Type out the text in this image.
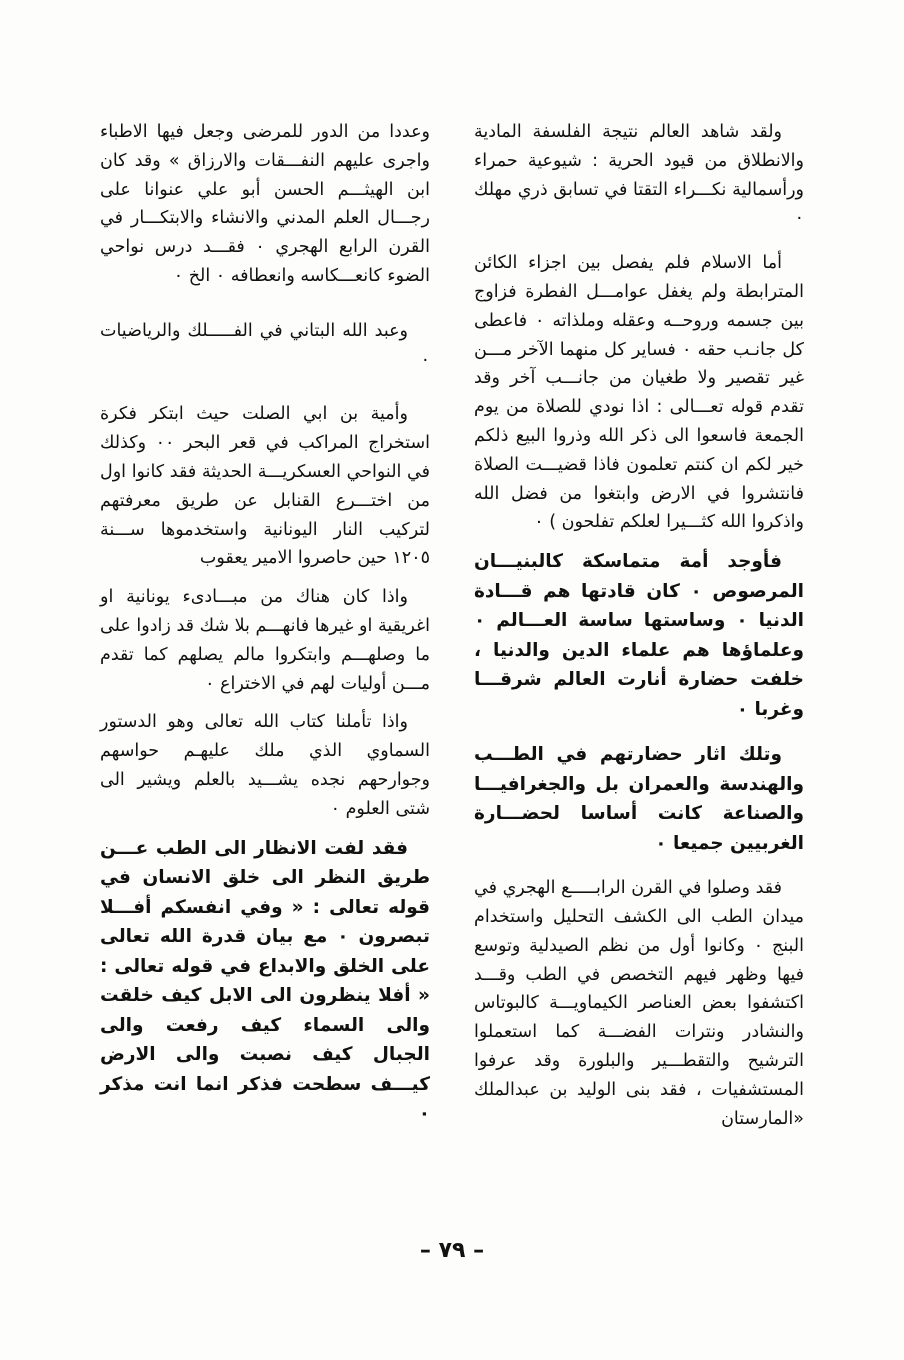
ولقد شاهد العالم نتيجة الفلسفة المادية والانطلاق من قيود الحرية : شيوعية حمراء ورأسمالية نكـــراء التقتا في تسابق ذري مهلك ٠

أما الاسلام فلم يفصل بين اجزاء الكائن المترابطة ولم يغفل عوامـــل الفطرة فزاوج بين جسمه وروحــه وعقله وملذاته ٠ فاعطى كل جانـب حقه ٠ فساير كل منهما الآخر مـــن غير تقصير ولا طغيان من جانـــب آخر وقد تقدم قوله تعـــالى : اذا نودي للصلاة من يوم الجمعة فاسعوا الى ذكر الله وذروا البيع ذلكم خير لكم ان كنتم تعلمون فاذا قضيـــت الصلاة فانتشروا في الارض وابتغوا من فضل الله واذكروا الله كثـــيرا لعلكم تفلحون ) ٠

فأوجد أمة متماسكة كالبنيـــان المرصوص ٠ كان قادتها هم قـــادة الدنيا ٠ وساستها ساسة العـــالم ٠ وعلماؤها هم علماء الدين والدنيا ، خلفت حضارة أنارت العالم شرقـــا وغربا ٠

وتلك اثار حضارتهم في الطـــب والهندسة والعمران بل والجغرافيـــا والصناعة كانت أساسا لحضـــارة الغربيين جميعا ٠

فقد وصلوا في القرن الرابـــــع الهجري في ميدان الطب الى الكشف التحليل واستخدام البنج ٠ وكانوا أول من نظم الصيدلية وتوسع فيها وظهر فيهم التخصص في الطب وقـــد اكتشفوا بعض العناصر الكيماويـــة كالبوتاس والنشادر ونترات الفضـــة كما استعملوا الترشيح والتقطـــير والبلورة وقد عرفوا المستشفيات ، فقد بنى الوليد بن عبدالملك «المارستان

وعددا من الدور للمرضى وجعل فيها الاطباء واجرى عليهم النفـــقات والارزاق » وقد كان ابن الهيثـــم الحسن أبو علي عنوانا على رجـــال العلم المدني والانشاء والابتكـــار في القرن الرابع الهجري ٠ فقـــد درس نواحي الضوء كانعـــكاسه وانعطافه ٠ الخ ٠

وعبد الله البتاني في الفـــــلك والرياضيات ٠

وأمية بن ابي الصلت حيث ابتكر فكرة استخراج المراكب في قعر البحر ٠٠ وكذلك في النواحي العسكريـــة الحديثة فقد كانوا اول من اختـــرع القنابل عن طريق معرفتهم لتركيب النار اليونانية واستخدموها ســـنة ١٢٠٥ حين حاصروا الامير يعقوب

واذا كان هناك من مبـــادىء يونانية او اغريقية او غيرها فانهـــم بلا شك قد زادوا على ما وصلهـــم وابتكروا مالم يصلهم كما تقدم مـــن أوليات لهم في الاختراع ٠

واذا تأملنا كتاب الله تعالى وهو الدستور السماوي الذي ملك عليهـم حواسهم وجوارحهم نجده يشـــيد بالعلم ويشير الى شتى العلوم ٠

فقد لفت الانظار الى الطب عـــن طريق النظر الى خلق الانسان في قوله تعالى : « وفي انفسكم أفـــلا تبصرون ٠ مع بيان قدرة الله تعالى على الخلق والابداع في قوله تعالى : « أفلا ينظرون الى الابل كيف خلقت والى السماء كيف رفعت والى الجبال كيف نصبت والى الارض كيـــف سطحت فذكر انما انت مذكر ٠

– ٧٩ –
